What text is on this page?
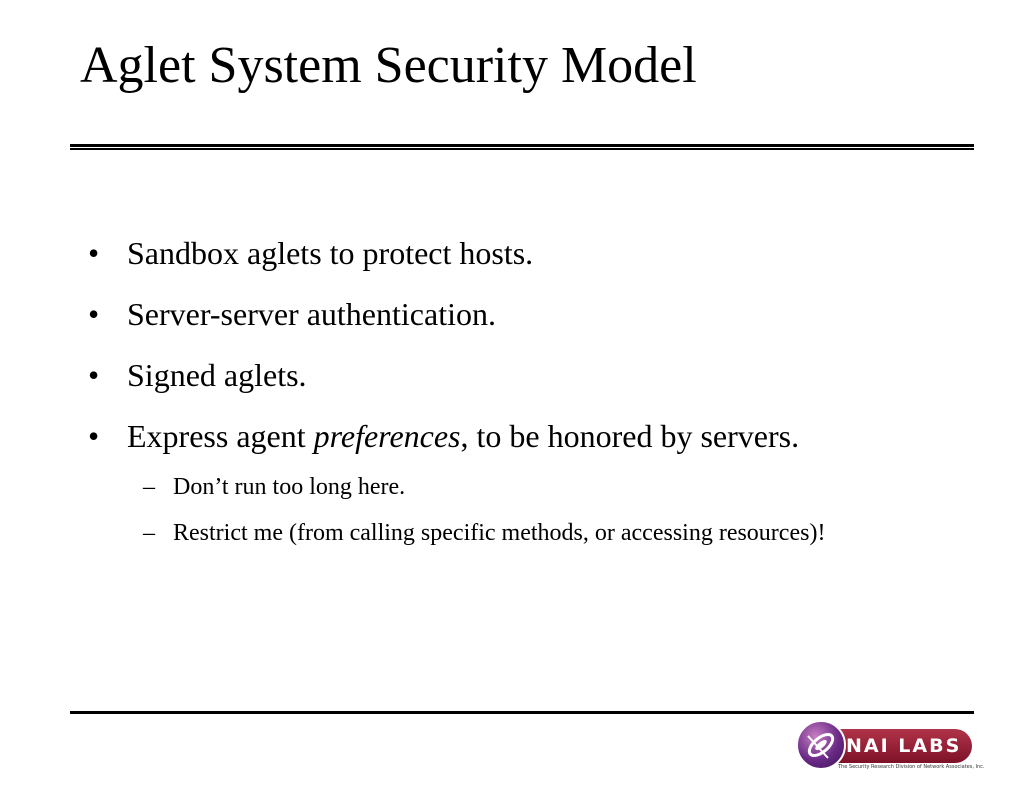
Aglet System Security Model
• Sandbox aglets to protect hosts.
• Server-server authentication.
• Signed aglets.
• Express agent preferences, to be honored by servers.
– Don’t run too long here.
– Restrict me (from calling specific methods, or accessing resources)!
NAI LABS
The Security Research Division of Network Associates, Inc.
